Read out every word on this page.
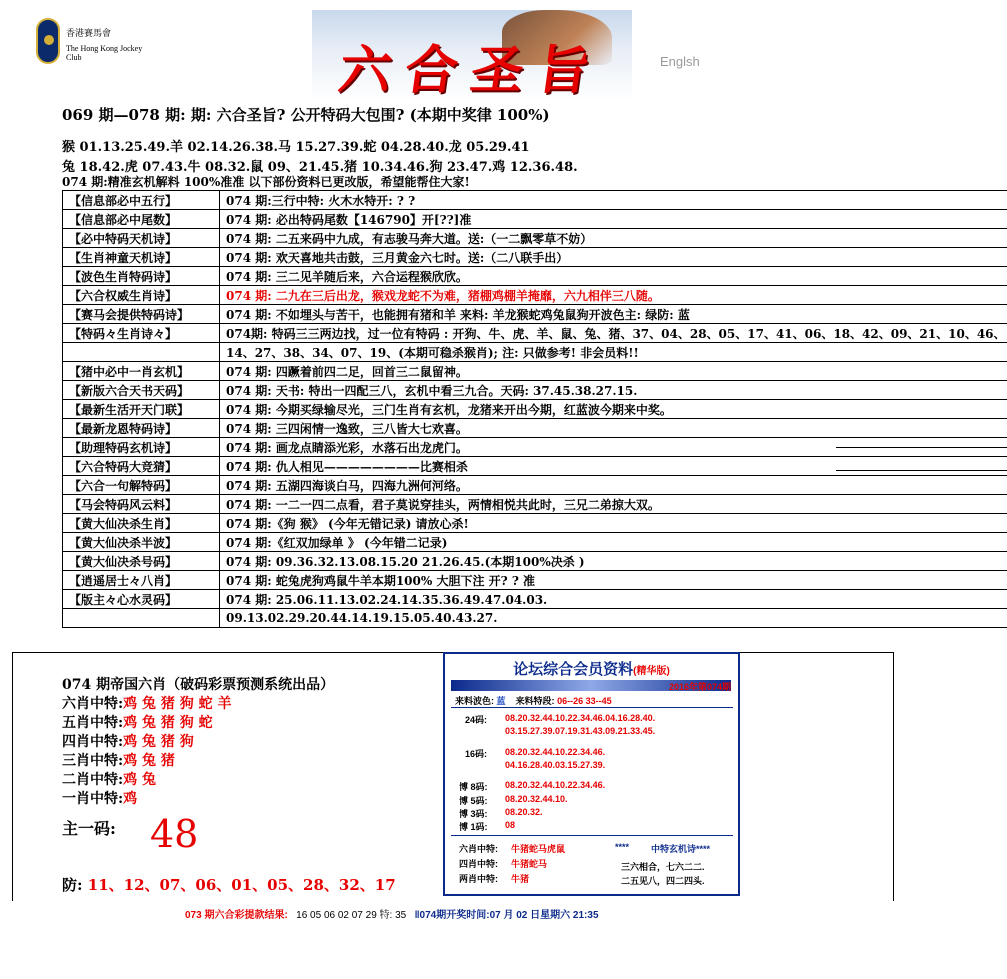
香港賽馬會
The Hong Kong Jockey Club	六合圣旨	Englsh
069 期—078 期: 期: 六合圣旨? 公开特码大包围? (本期中奖律 100%)
猴 01.13.25.49.羊 02.14.26.38.马 15.27.39.蛇 04.28.40.龙 05.29.41
兔 18.42.虎 07.43.牛 08.32.鼠 09、21.45.猪 10.34.46.狗 23.47.鸡 12.36.48.
074 期:精准玄机解料 100%准准 以下部份资料已更改版，希望能帮住大家!
【信息部必中五行】	074 期:三行中特: 火木水特开: ? ?
【信息部必中尾数】	074 期: 必出特码尾数【146790】开[??]准
【必中特码天机诗】	074 期: 二五来码中九成，有志骏马奔大道。送:（一二飘零草不妨）
【生肖神童天机诗】	074 期: 欢天喜地共击鼓，三月黄金六七时。送:（二八联手出）
【波色生肖特码诗】	074 期: 三二见羊随后来，六合运程猴欣欣。
【六合权威生肖诗】	074 期: 二九在三后出龙，猴戏龙蛇不为难，猪棚鸡棚羊掩靡，六九相伴三八随。
【赛马会提供特码诗】	074 期: 不如埋头与苦干，也能拥有猪和羊 来料: 羊龙猴蛇鸡兔鼠狗开波色主: 绿防: 蓝
【特码々生肖诗々】	074期: 特码三三两边找，过一位有特码 : 开狗、牛、虎、羊、鼠、兔、猪、37、04、28、05、17、41、06、18、42、09、21、10、46、
	14、27、38、34、07、19、(本期可稳杀猴肖); 注: 只做参考! 非会员料!!
【猪中必中一肖玄机】	074 期: 四蹶着前四二足，回首三二鼠留神。
【新版六合天书天码】	074 期: 天书: 特出一四配三八，玄机中看三九合。天码: 37.45.38.27.15.
【最新生活开天门联】	074 期: 今期买绿输尽光，三门生肖有玄机，龙猪来开出今期，红蓝波今期来中奖。
【最新龙恩特码诗】	074 期: 三四闲情一逸致，三八皆大七欢喜。
【助理特码玄机诗】	074 期: 画龙点睛添光彩，水落石出龙虎门。
【六合特码大竞猜】	074 期: 仇人相见————————比赛相杀
【六合一句解特码】	074 期: 五湖四海谈白马，四海九洲何河络。
【马会特码风云料】	074 期: 一二一四二点看，君子莫说穿挂头，两情相悦共此时，三兄二弟掠大双。
【黄大仙决杀生肖】	074 期:《狗 猴》 (今年无错记录) 请放心杀!
【黄大仙决杀半波】	074 期:《红双加绿单 》 (今年错二记录)
【黄大仙决杀号码】	074 期: 09.36.32.13.08.15.20 21.26.45.(本期100%决杀 )
【逍遥居士々八肖】	074 期: 蛇兔虎狗鸡鼠牛羊本期100% 大胆下注 开? ? 准
【版主々心水灵码】	074 期: 25.06.11.13.02.24.14.35.36.49.47.04.03.
	09.13.02.29.20.44.14.19.15.05.40.43.27.
074 期帝国六肖（破码彩票预测系统出品）
六肖中特:鸡 兔 猪 狗 蛇 羊
五肖中特:鸡 兔 猪 狗 蛇
四肖中特:鸡 兔 猪 狗
三肖中特:鸡 兔 猪
二肖中特:鸡 兔
一肖中特:鸡
主一码: 48
防: 11、12、07、06、01、05、28、32、17
论坛综合会员资料(精华版)
2016年第074期
来料波色: 蓝 来料特段: 06--26 33--45
24码: 08.20.32.44.10.22.34.46.04.16.28.40.
03.15.27.39.07.19.31.43.09.21.33.45.
16码: 08.20.32.44.10.22.34.46.
04.16.28.40.03.15.27.39.
博 8码: 08.20.32.44.10.22.34.46.
博 5码: 08.20.32.44.10.
博 3码: 08.20.32.
博 1码: 08
六肖中特: 牛猪蛇马虎鼠	**** 中特玄机诗****
四肖中特: 牛猪蛇马	三六相合，七六二二.
两肖中特: 牛猪	二五见八，四二四头.
073 期六合彩提款结果: 16 05 06 02 07 29 特: 35 ‖074期开奖时间:07 月 02 日星期六 21:35
